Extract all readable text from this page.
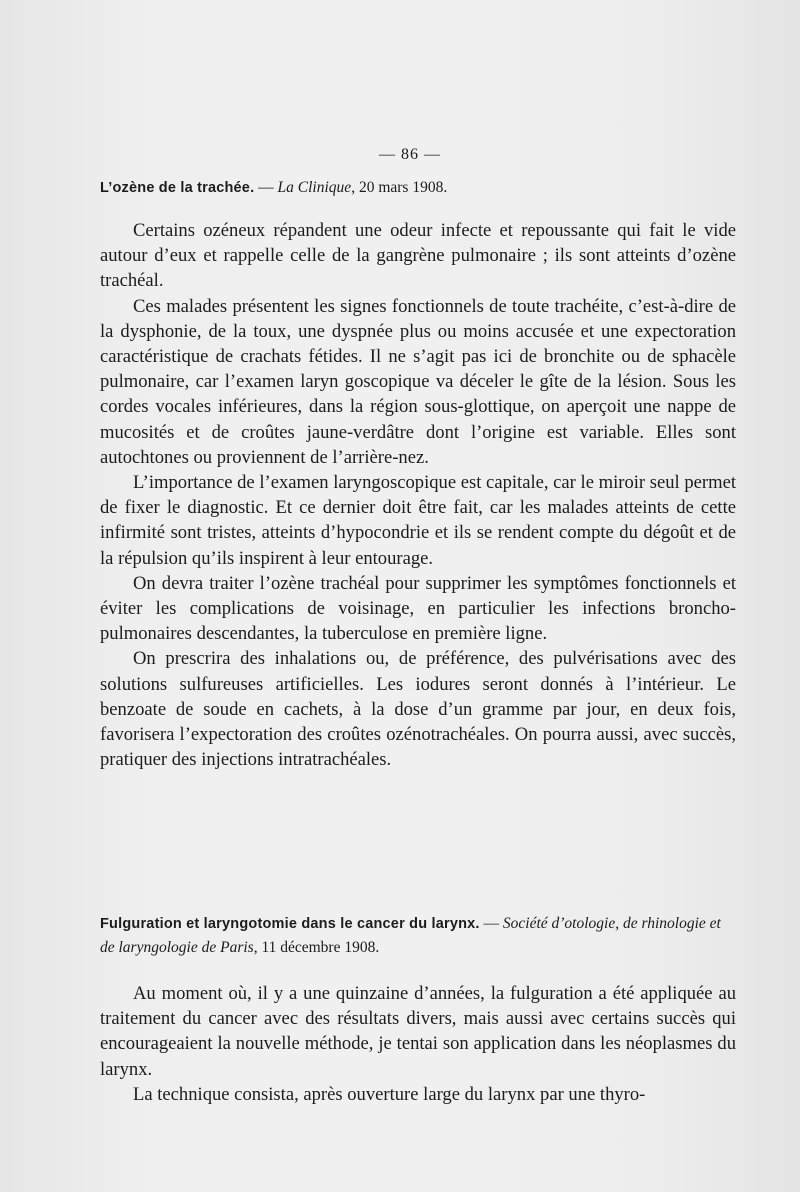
— 86 —

L’ozène de la trachée. — La Clinique, 20 mars 1908.

Certains ozéneux répandent une odeur infecte et repoussante qui fait le vide autour d’eux et rappelle celle de la gangrène pulmonaire ; ils sont atteints d’ozène trachéal.

Ces malades présentent les signes fonctionnels de toute trachéite, c’est-à-dire de la dysphonie, de la toux, une dyspnée plus ou moins accusée et une expectoration caractéristique de crachats fétides. Il ne s’agit pas ici de bronchite ou de sphacèle pulmonaire, car l’examen laryn goscopique va déceler le gîte de la lésion. Sous les cordes vocales inférieures, dans la région sous-glottique, on aperçoit une nappe de mucosités et de croûtes jaune-verdâtre dont l’origine est variable. Elles sont autochtones ou proviennent de l’arrière-nez.

L’importance de l’examen laryngoscopique est capitale, car le miroir seul permet de fixer le diagnostic. Et ce dernier doit être fait, car les malades atteints de cette infirmité sont tristes, atteints d’hypocondrie et ils se rendent compte du dégoût et de la répulsion qu’ils inspirent à leur entourage.

On devra traiter l’ozène trachéal pour supprimer les symptômes fonctionnels et éviter les complications de voisinage, en particulier les infections broncho-pulmonaires descendantes, la tuberculose en première ligne.

On prescrira des inhalations ou, de préférence, des pulvérisations avec des solutions sulfureuses artificielles. Les iodures seront donnés à l’intérieur. Le benzoate de soude en cachets, à la dose d’un gramme par jour, en deux fois, favorisera l’expectoration des croûtes ozénotrachéales. On pourra aussi, avec succès, pratiquer des injections intratrachéales.

Fulguration et laryngotomie dans le cancer du larynx. — Société d’otologie, de rhinologie et de laryngologie de Paris, 11 décembre 1908.

Au moment où, il y a une quinzaine d’années, la fulguration a été appliquée au traitement du cancer avec des résultats divers, mais aussi avec certains succès qui encourageaient la nouvelle méthode, je tentai son application dans les néoplasmes du larynx.

La technique consista, après ouverture large du larynx par une thyro-
